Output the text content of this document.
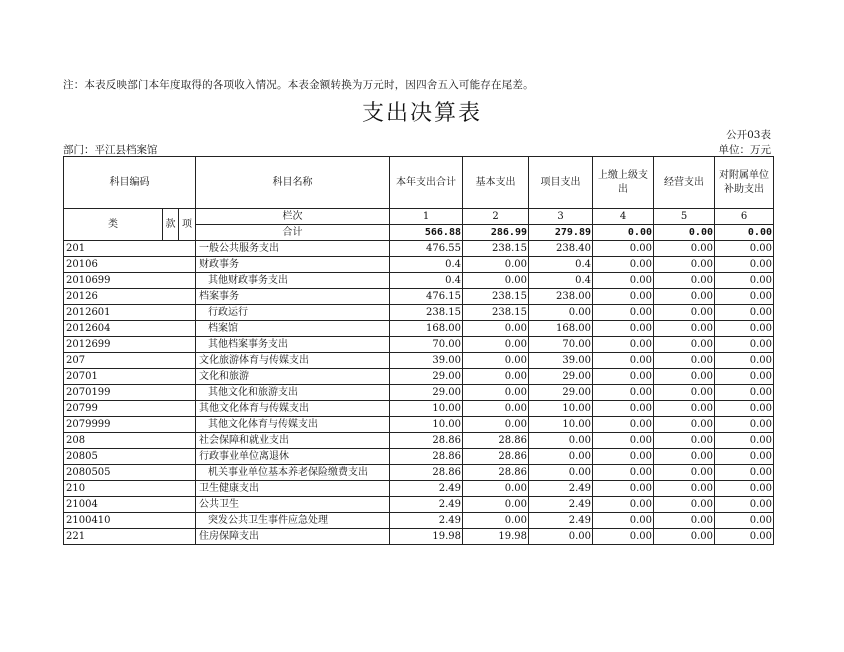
注：本表反映部门本年度取得的各项收入情况。本表金额转换为万元时，因四舍五入可能存在尾差。
支出决算表
公开03表
部门：平江县档案馆	单位：万元
科目编码			科目名称	本年支出合计	基本支出	项目支出	上缴上级支出	经营支出	对附属单位补助支出
类	款	项	栏次	1	2	3	4	5	6
			合计	566.88	286.99	279.89	0.00	0.00	0.00
201			一般公共服务支出	476.55	238.15	238.40	0.00	0.00	0.00
20106			财政事务	0.4	0.00	0.4	0.00	0.00	0.00
2010699			其他财政事务支出	0.4	0.00	0.4	0.00	0.00	0.00
20126			档案事务	476.15	238.15	238.00	0.00	0.00	0.00
2012601			行政运行	238.15	238.15	0.00	0.00	0.00	0.00
2012604			档案馆	168.00	0.00	168.00	0.00	0.00	0.00
2012699			其他档案事务支出	70.00	0.00	70.00	0.00	0.00	0.00
207			文化旅游体育与传媒支出	39.00	0.00	39.00	0.00	0.00	0.00
20701			文化和旅游	29.00	0.00	29.00	0.00	0.00	0.00
2070199			其他文化和旅游支出	29.00	0.00	29.00	0.00	0.00	0.00
20799			其他文化体育与传媒支出	10.00	0.00	10.00	0.00	0.00	0.00
2079999			其他文化体育与传媒支出	10.00	0.00	10.00	0.00	0.00	0.00
208			社会保障和就业支出	28.86	28.86	0.00	0.00	0.00	0.00
20805			行政事业单位离退休	28.86	28.86	0.00	0.00	0.00	0.00
2080505			机关事业单位基本养老保险缴费支出	28.86	28.86	0.00	0.00	0.00	0.00
210			卫生健康支出	2.49	0.00	2.49	0.00	0.00	0.00
21004			公共卫生	2.49	0.00	2.49	0.00	0.00	0.00
2100410			突发公共卫生事件应急处理	2.49	0.00	2.49	0.00	0.00	0.00
221			住房保障支出	19.98	19.98	0.00	0.00	0.00	0.00
